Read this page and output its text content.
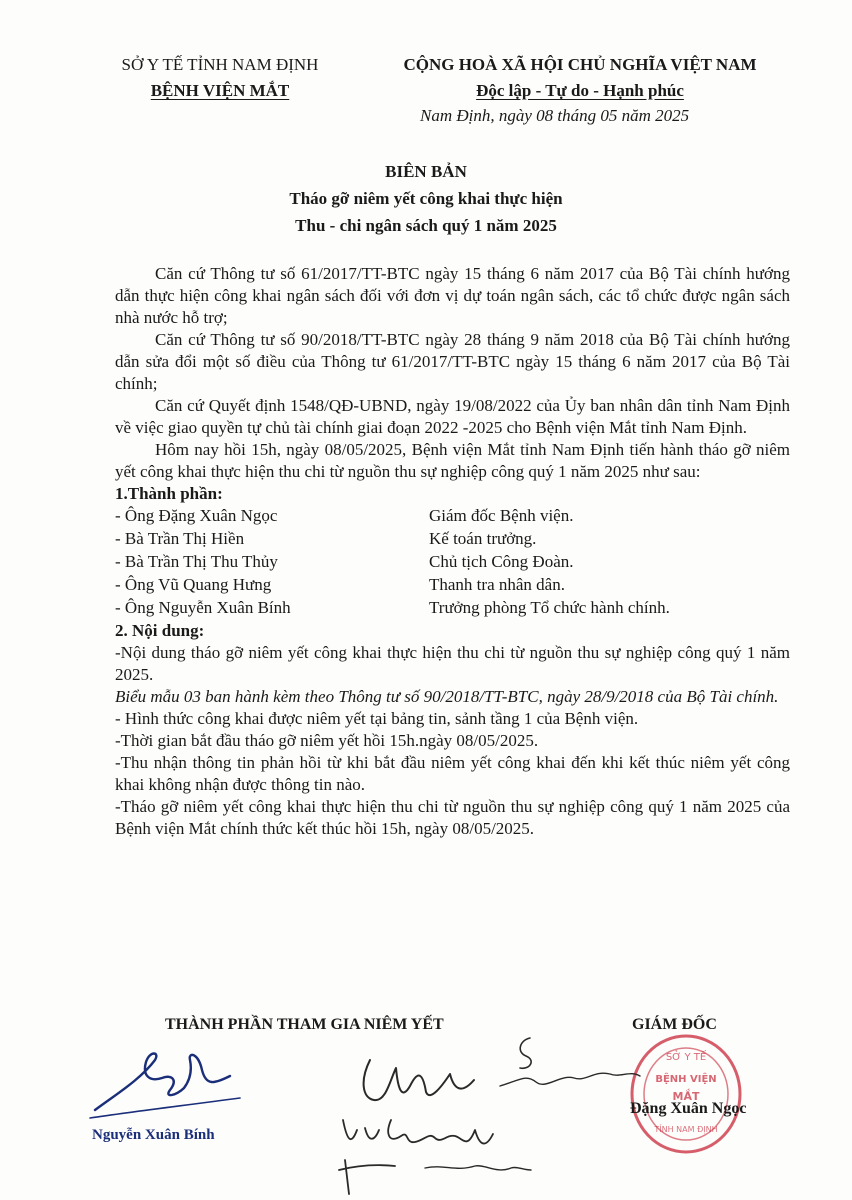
SỞ Y TẾ TỈNH NAM ĐỊNH
BỆNH VIỆN MẮT
CỘNG HOÀ XÃ HỘI CHỦ NGHĨA VIỆT NAM
Độc lập - Tự do - Hạnh phúc
Nam Định, ngày 08 tháng 05 năm 2025
BIÊN BẢN
Tháo gỡ niêm yết công khai thực hiện
Thu - chi ngân sách quý 1 năm 2025

Căn cứ Thông tư số 61/2017/TT-BTC ngày 15 tháng 6 năm 2017 của Bộ Tài chính hướng dẫn thực hiện công khai ngân sách đối với đơn vị dự toán ngân sách, các tổ chức được ngân sách nhà nước hỗ trợ;

Căn cứ Thông tư số 90/2018/TT-BTC ngày 28 tháng 9 năm 2018 của Bộ Tài chính hướng dẫn sửa đổi một số điều của Thông tư 61/2017/TT-BTC ngày 15 tháng 6 năm 2017 của Bộ Tài chính;

Căn cứ Quyết định 1548/QĐ-UBND, ngày 19/08/2022 của Ủy ban nhân dân tỉnh Nam Định về việc giao quyền tự chủ tài chính giai đoạn 2022 -2025 cho Bệnh viện Mắt tỉnh Nam Định.

Hôm nay hồi 15h, ngày 08/05/2025, Bệnh viện Mắt tỉnh Nam Định tiến hành tháo gỡ niêm yết công khai thực hiện thu chi từ nguồn thu sự nghiệp công quý 1 năm 2025 như sau:

1.Thành phần:

- Ông Đặng Xuân Ngọc	Giám đốc Bệnh viện.
- Bà Trần Thị Hiền	Kế toán trưởng.
- Bà Trần Thị Thu Thủy	Chủ tịch Công Đoàn.
- Ông Vũ Quang Hưng	Thanh tra nhân dân.
- Ông Nguyễn Xuân Bính	Trưởng phòng Tổ chức hành chính.

2. Nội dung:

-Nội dung tháo gỡ niêm yết công khai thực hiện thu chi từ nguồn thu sự nghiệp công quý 1 năm 2025.

Biểu mẫu 03 ban hành kèm theo Thông tư số 90/2018/TT-BTC, ngày 28/9/2018 của Bộ Tài chính.

- Hình thức công khai được niêm yết tại bảng tin, sảnh tầng 1 của Bệnh viện.

-Thời gian bắt đầu tháo gỡ niêm yết hồi 15h.ngày 08/05/2025.

-Thu nhận thông tin phản hồi từ khi bắt đầu niêm yết công khai đến khi kết thúc niêm yết công khai không nhận được thông tin nào.

-Tháo gỡ niêm yết công khai thực hiện thu chi từ nguồn thu sự nghiệp công quý 1 năm 2025 của Bệnh viện Mắt chính thức kết thúc hồi 15h, ngày 08/05/2025.

THÀNH PHẦN THAM GIA NIÊM YẾT	GIÁM ĐỐC
SỞ Y TẾ
BỆNH VIỆN
MẮT
TỈNH NAM ĐỊNH
Nguyễn Xuân Bính
Đặng Xuân Ngọc
